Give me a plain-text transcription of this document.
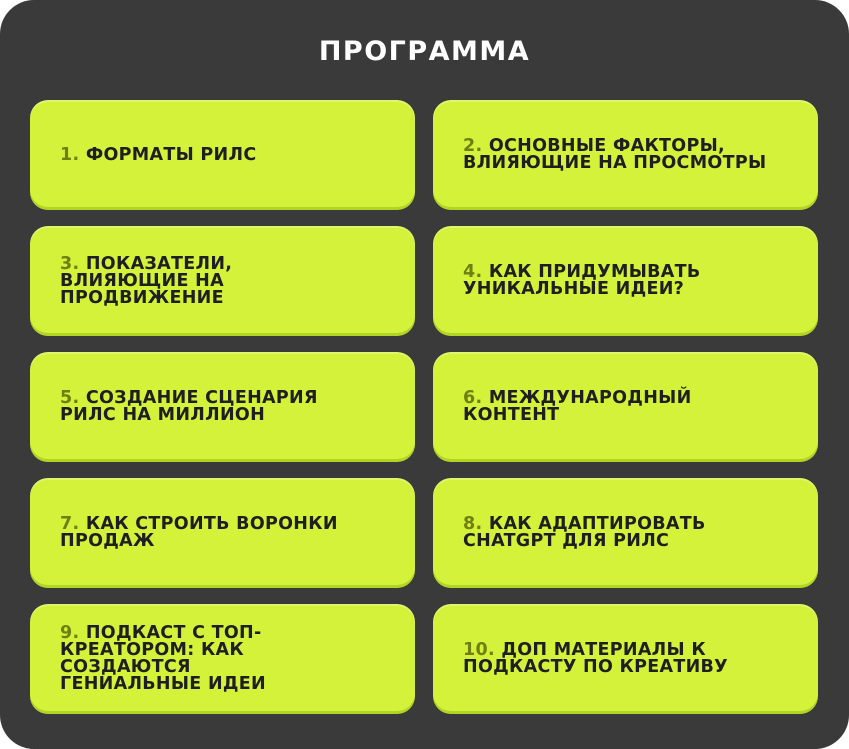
ПРОГРАММА
1. ФОРМАТЫ РИЛС	2. ОСНОВНЫЕ ФАКТОРЫ, ВЛИЯЮЩИЕ НА ПРОСМОТРЫ
3. ПОКАЗАТЕЛИ, ВЛИЯЮЩИЕ НА ПРОДВИЖЕНИЕ
4. КАК ПРИДУМЫВАТЬ УНИКАЛЬНЫЕ ИДЕИ?
5. СОЗДАНИЕ СЦЕНАРИЯ РИЛС НА МИЛЛИОН
6. МЕЖДУНАРОДНЫЙ КОНТЕНТ
7. КАК СТРОИТЬ ВОРОНКИ ПРОДАЖ
8. КАК АДАПТИРОВАТЬ CHATGPT ДЛЯ РИЛС
9. ПОДКАСТ С ТОП-КРЕАТОРОМ: КАК СОЗДАЮТСЯ ГЕНИАЛЬНЫЕ ИДЕИ
10. ДОП МАТЕРИАЛЫ К ПОДКАСТУ ПО КРЕАТИВУ
